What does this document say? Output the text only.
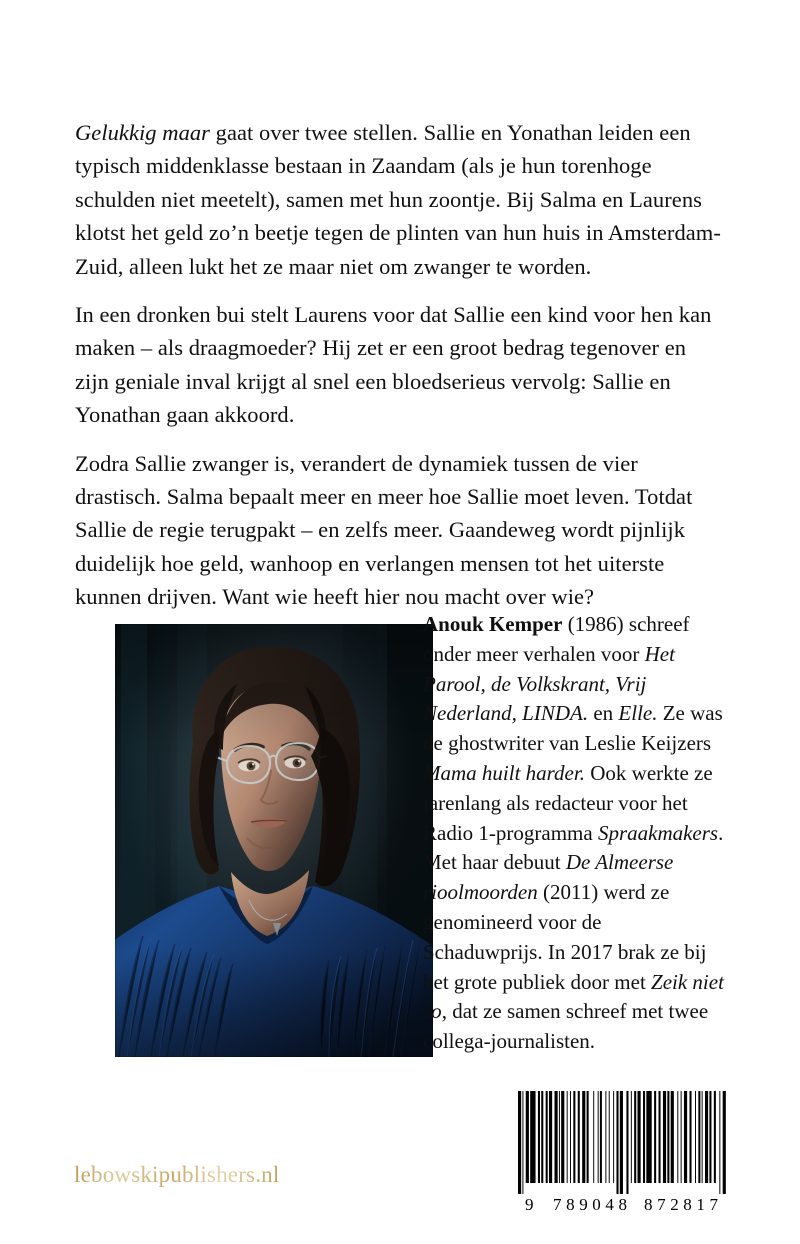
Gelukkig maar gaat over twee stellen. Sallie en Yonathan leiden een typisch middenklasse bestaan in Zaandam (als je hun torenhoge schulden niet meetelt), samen met hun zoontje. Bij Salma en Laurens klotst het geld zo’n beetje tegen de plinten van hun huis in Amsterdam-Zuid, alleen lukt het ze maar niet om zwanger te worden.

In een dronken bui stelt Laurens voor dat Sallie een kind voor hen kan maken – als draagmoeder? Hij zet er een groot bedrag tegenover en zijn geniale inval krijgt al snel een bloedserieus vervolg: Sallie en Yonathan gaan akkoord.

Zodra Sallie zwanger is, verandert de dynamiek tussen de vier drastisch. Salma bepaalt meer en meer hoe Sallie moet leven. Totdat Sallie de regie terugpakt – en zelfs meer. Gaandeweg wordt pijnlijk duidelijk hoe geld, wanhoop en verlangen mensen tot het uiterste kunnen drijven. Want wie heeft hier nou macht over wie?

Anouk Kemper (1986) schreef onder meer verhalen voor Het Parool, de Volkskrant, Vrij Nederland, LINDA. en Elle. Ze was de ghostwriter van Leslie Keijzers Mama huilt harder. Ook werkte ze jarenlang als redacteur voor het Radio 1-programma Spraakmakers. Met haar debuut De Almeerse rioolmoorden (2011) werd ze genomineerd voor de Schaduwprijs. In 2017 brak ze bij het grote publiek door met Zeik niet zo, dat ze samen schreef met twee collega-journalisten.
lebowskipublishers.nl
9 789048 872817
